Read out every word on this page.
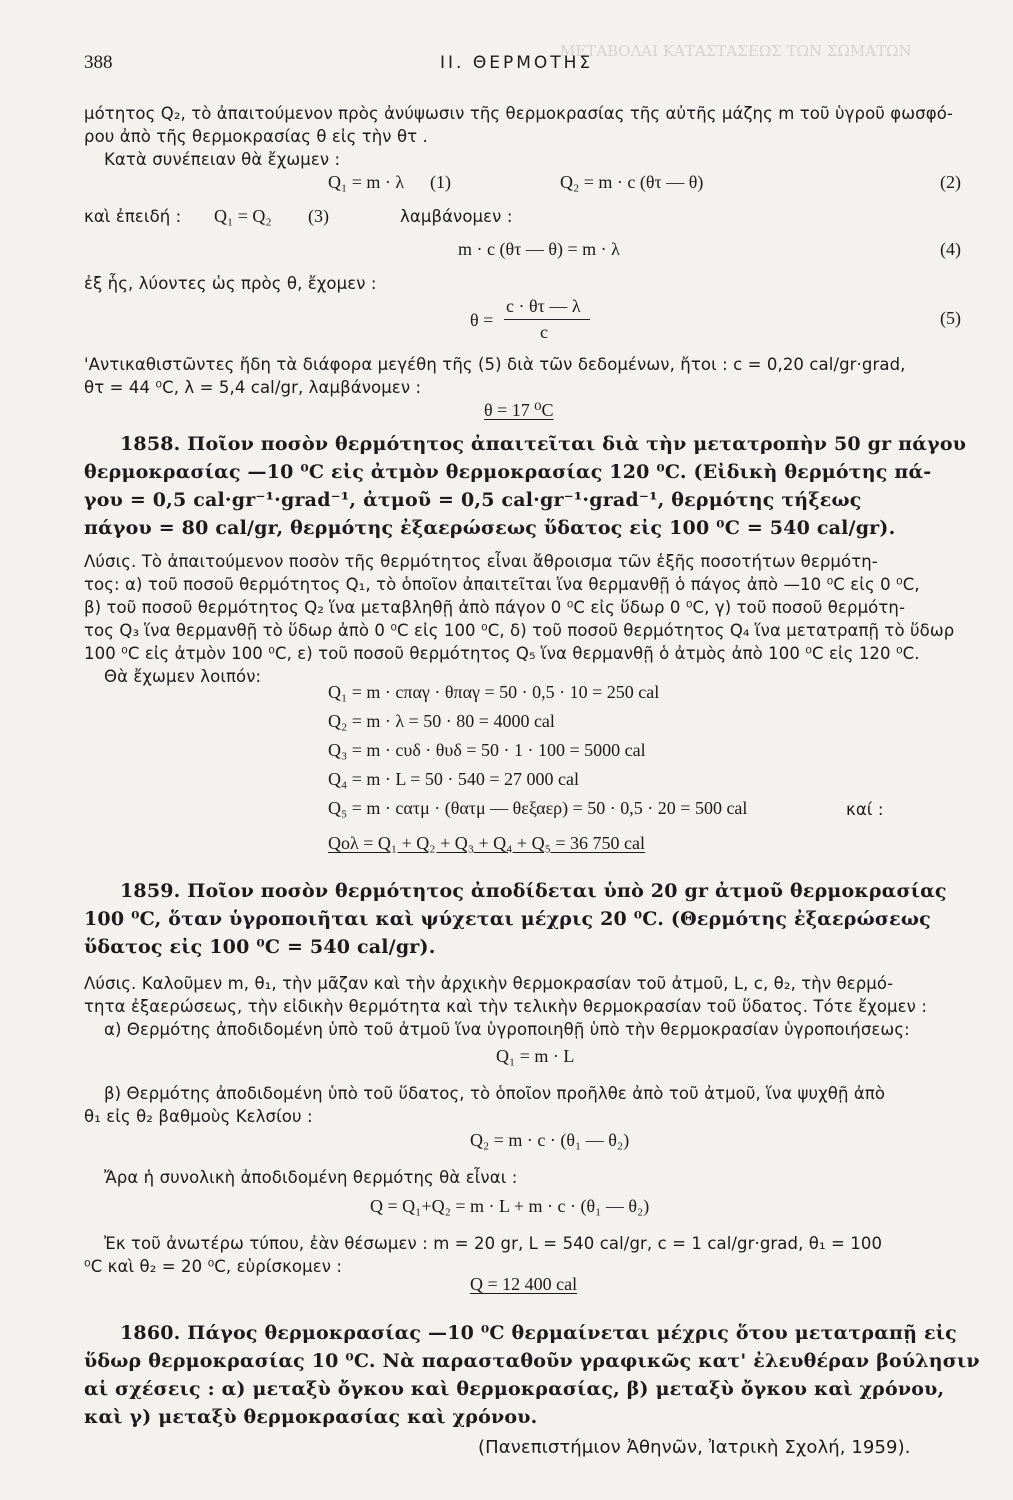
ΜΕΤΑΒΟΛΑΙ ΚΑΤΑΣΤΑΣΕΩΣ ΤΩΝ ΣΩΜΑΤΩΝ
388	II. ΘΕΡΜΟΤΗΣ
μότητος Q₂, τὸ ἀπαιτούμενον πρὸς ἀνύψωσιν τῆς θερμοκρασίας τῆς αὐτῆς μάζης m τοῦ ὑγροῦ φωσφό-
ρου ἀπὸ τῆς θερμοκρασίας θ εἰς τὴν θτ .
Κατὰ συνέπειαν θὰ ἔχωμεν :
Q₁ = m · λ (1)	Q₂ = m · c (θτ — θ)	(2)
καὶ ἐπειδή : Q₁ = Q₂ (3)	λαμβάνομεν :
m · c (θτ — θ) = m · λ	(4)
ἐξ ἧς, λύοντες ὡς πρὸς θ, ἔχομεν :
θ =
c · θτ — λ
c
(5)
'Αντικαθιστῶντες ἤδη τὰ διάφορα μεγέθη τῆς (5) διὰ τῶν δεδομένων, ἤτοι : c = 0,20 cal/gr·grad,
θτ = 44 ⁰C, λ = 5,4 cal/gr, λαμβάνομεν :
θ = 17 ⁰C
1858. Ποῖον ποσὸν θερμότητος ἀπαιτεῖται διὰ τὴν μετατροπὴν 50 gr πάγου
θερμοκρασίας —10 ⁰C εἰς ἀτμὸν θερμοκρασίας 120 ⁰C. (Εἰδικὴ θερμότης πά-
γου = 0,5 cal·gr⁻¹·grad⁻¹, ἀτμοῦ = 0,5 cal·gr⁻¹·grad⁻¹, θερμότης τήξεως
πάγου = 80 cal/gr, θερμότης ἐξαερώσεως ὕδατος εἰς 100 ⁰C = 540 cal/gr).
Λύσις. Τὸ ἀπαιτούμενον ποσὸν τῆς θερμότητος εἶναι ἄθροισμα τῶν ἑξῆς ποσοτήτων θερμότη-
τος: α) τοῦ ποσοῦ θερμότητος Q₁, τὸ ὁποῖον ἀπαιτεῖται ἵνα θερμανθῇ ὁ πάγος ἀπὸ —10 ⁰C εἰς 0 ⁰C,
β) τοῦ ποσοῦ θερμότητος Q₂ ἵνα μεταβληθῇ ἀπὸ πάγον 0 ⁰C εἰς ὕδωρ 0 ⁰C, γ) τοῦ ποσοῦ θερμότη-
τος Q₃ ἵνα θερμανθῇ τὸ ὕδωρ ἀπὸ 0 ⁰C εἰς 100 ⁰C, δ) τοῦ ποσοῦ θερμότητος Q₄ ἵνα μετατραπῇ τὸ ὕδωρ
100 ⁰C εἰς ἀτμὸν 100 ⁰C, ε) τοῦ ποσοῦ θερμότητος Q₅ ἵνα θερμανθῇ ὁ ἀτμὸς ἀπὸ 100 ⁰C εἰς 120 ⁰C.
Θὰ ἔχωμεν λοιπόν:
Q₁ = m · cπαγ · θπαγ = 50 · 0,5 · 10 = 250 cal
Q₂ = m · λ = 50 · 80 = 4000 cal
Q₃ = m · cυδ · θυδ = 50 · 1 · 100 = 5000 cal
Q₄ = m · L = 50 · 540 = 27 000 cal
Q₅ = m · cατμ · (θατμ — θεξαερ) = 50 · 0,5 · 20 = 500 cal	καί :
Qολ = Q₁ + Q₂ + Q₃ + Q₄ + Q₅ = 36 750 cal
1859. Ποῖον ποσὸν θερμότητος ἀποδίδεται ὑπὸ 20 gr ἀτμοῦ θερμοκρασίας
100 ⁰C, ὅταν ὑγροποιῆται καὶ ψύχεται μέχρις 20 ⁰C. (Θερμότης ἐξαερώσεως
ὕδατος εἰς 100 ⁰C = 540 cal/gr).
Λύσις. Καλοῦμεν m, θ₁, τὴν μᾶζαν καὶ τὴν ἀρχικὴν θερμοκρασίαν τοῦ ἀτμοῦ, L, c, θ₂, τὴν θερμό-
τητα ἐξαερώσεως, τὴν εἰδικὴν θερμότητα καὶ τὴν τελικὴν θερμοκρασίαν τοῦ ὕδατος. Τότε ἔχομεν :
α) Θερμότης ἀποδιδομένη ὑπὸ τοῦ ἀτμοῦ ἵνα ὑγροποιηθῇ ὑπὸ τὴν θερμοκρασίαν ὑγροποιήσεως:
Q₁ = m · L
β) Θερμότης ἀποδιδομένη ὑπὸ τοῦ ὕδατος, τὸ ὁποῖον προῆλθε ἀπὸ τοῦ ἀτμοῦ, ἵνα ψυχθῇ ἀπὸ
θ₁ εἰς θ₂ βαθμοὺς Κελσίου :
Q₂ = m · c · (θ₁ — θ₂)
Ἄρα ἡ συνολικὴ ἀποδιδομένη θερμότης θὰ εἶναι :
Q = Q₁+Q₂ = m · L + m · c · (θ₁ — θ₂)
Ἐκ τοῦ ἀνωτέρω τύπου, ἐὰν θέσωμεν : m = 20 gr, L = 540 cal/gr, c = 1 cal/gr·grad, θ₁ = 100
⁰C καὶ θ₂ = 20 ⁰C, εὑρίσκομεν :
Q = 12 400 cal
1860. Πάγος θερμοκρασίας —10 ⁰C θερμαίνεται μέχρις ὅτου μετατραπῇ εἰς
ὕδωρ θερμοκρασίας 10 ⁰C. Νὰ παρασταθοῦν γραφικῶς κατ' ἐλευθέραν βούλησιν
αἱ σχέσεις : α) μεταξὺ ὄγκου καὶ θερμοκρασίας, β) μεταξὺ ὄγκου καὶ χρόνου,
καὶ γ) μεταξὺ θερμοκρασίας καὶ χρόνου.
(Πανεπιστήμιον Ἀθηνῶν, Ἰατρικὴ Σχολή, 1959).
